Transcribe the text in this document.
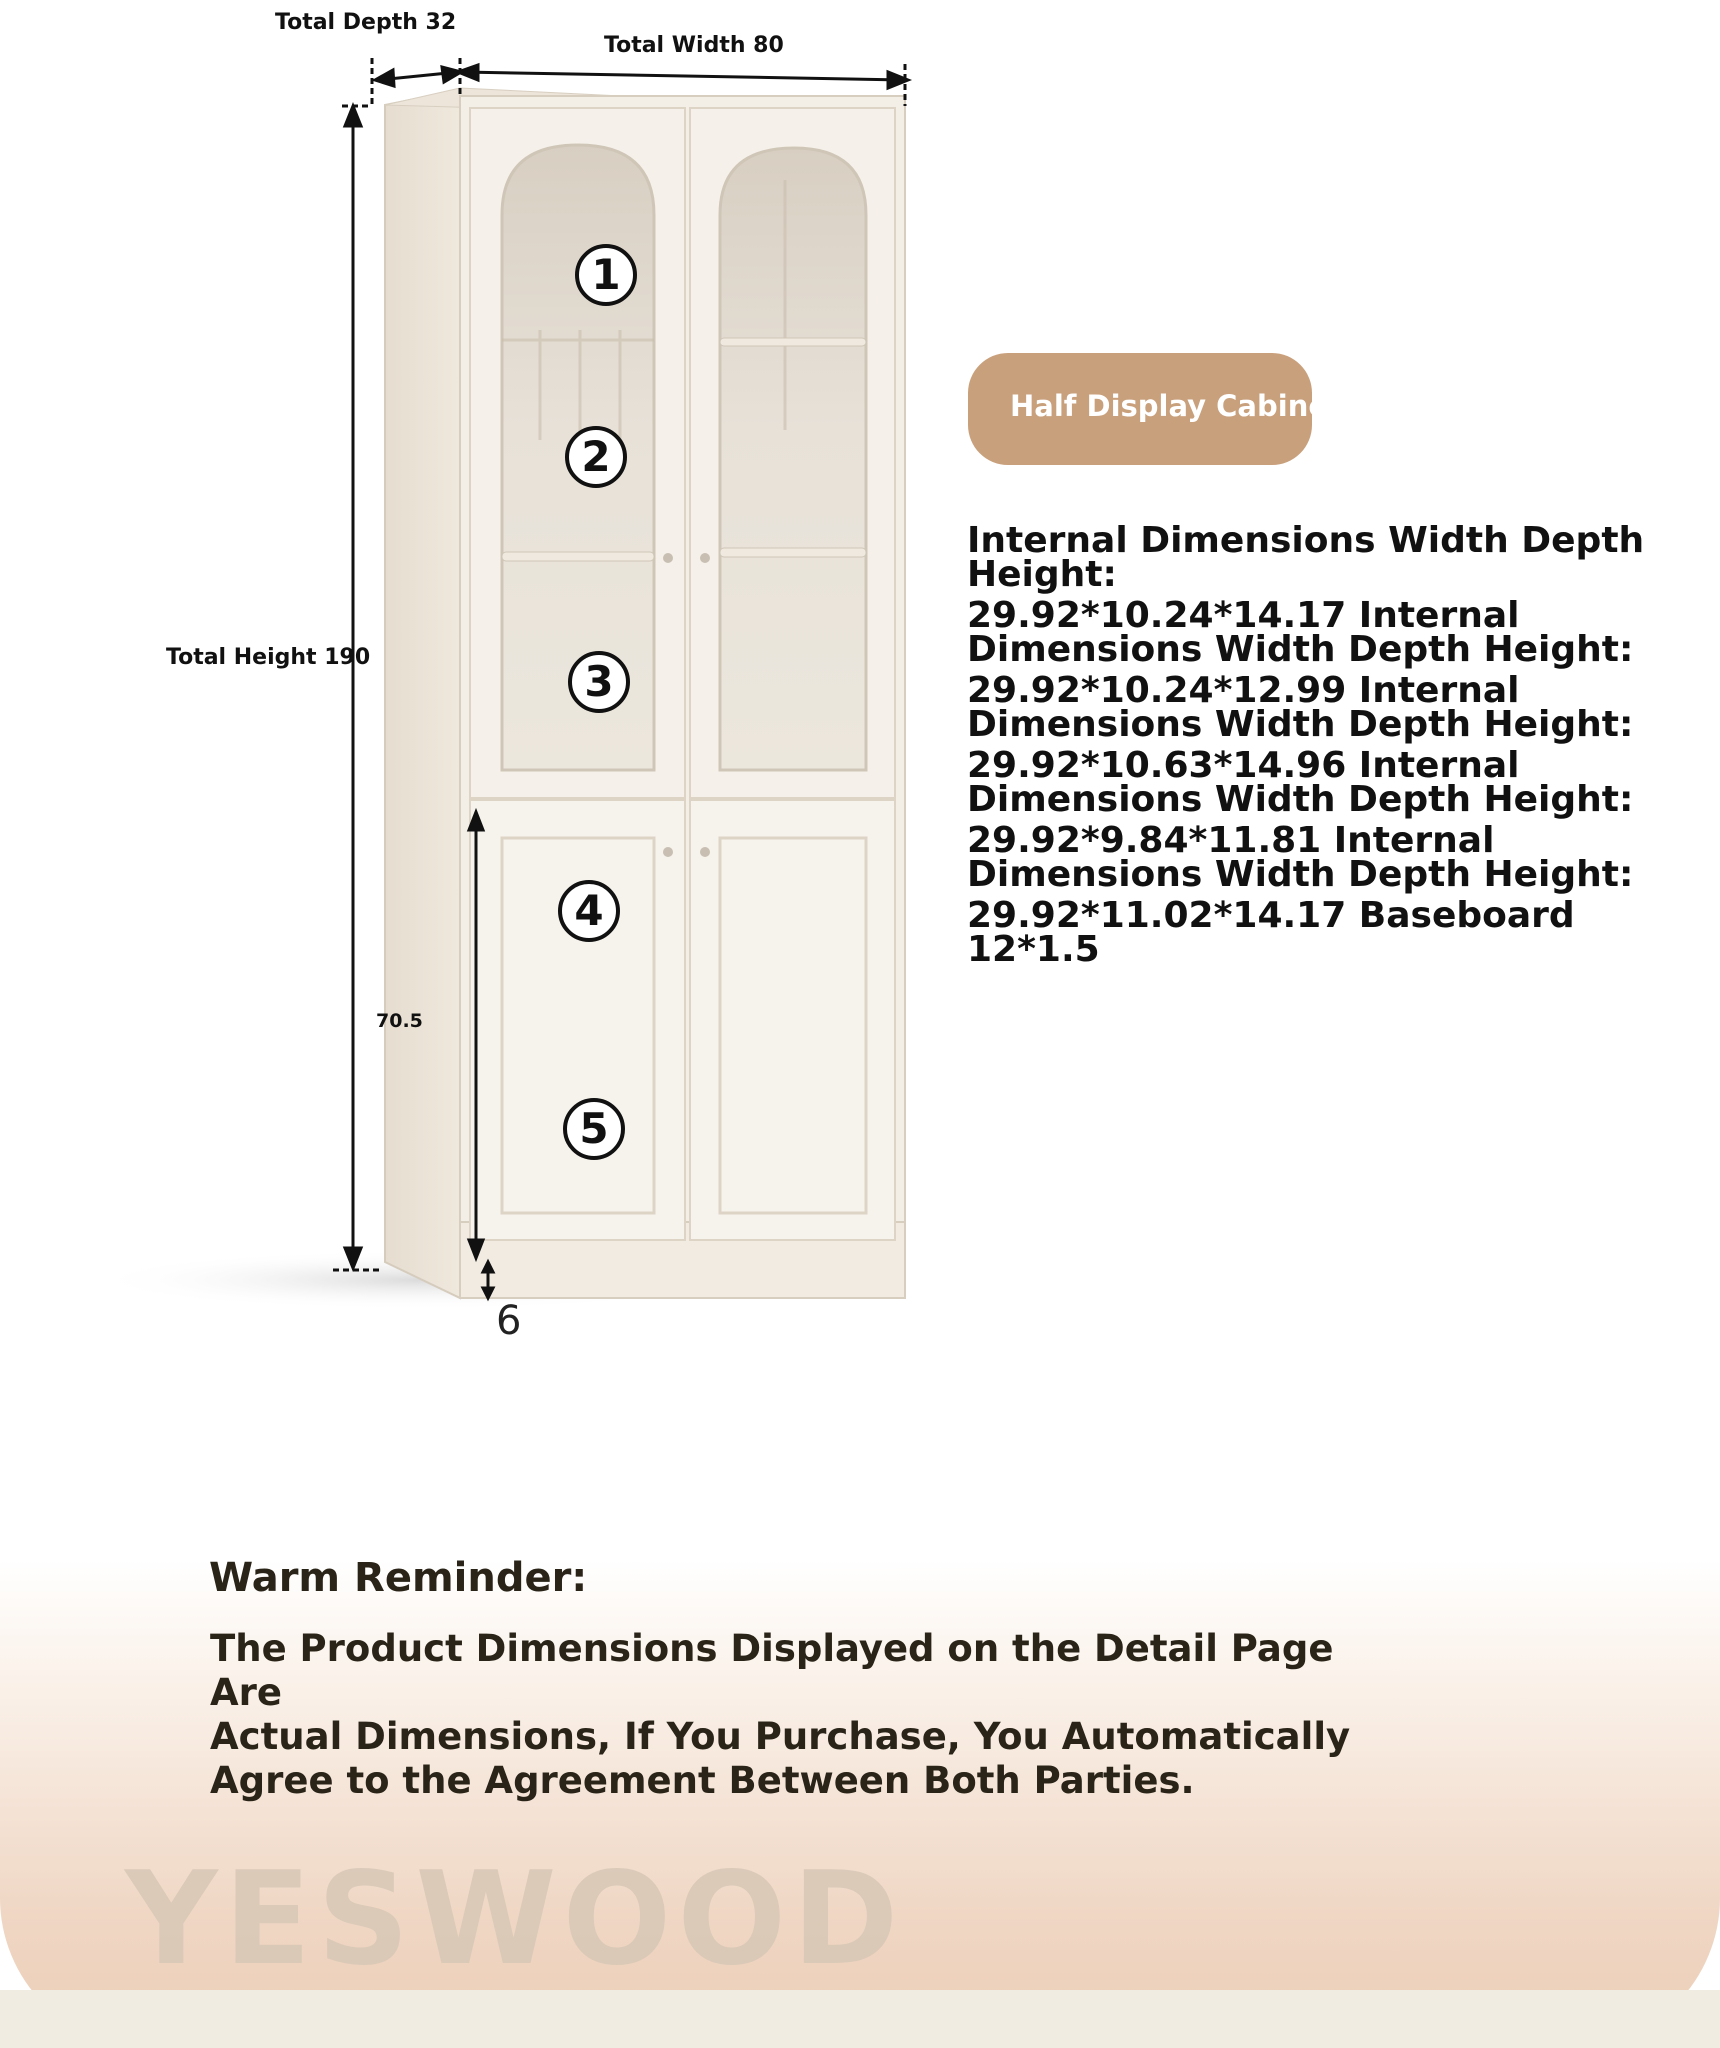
YESWOOD
1
2
3
4
5
Total Depth 32
Total Width 80
Total Height 190
70.5
6
Half Display Cabinet

Internal Dimensions Width Depth Height:

29.92*10.24*14.17 Internal Dimensions Width Depth Height:

29.92*10.24*12.99 Internal Dimensions Width Depth Height:

29.92*10.63*14.96 Internal Dimensions Width Depth Height:

29.92*9.84*11.81 Internal Dimensions Width Depth Height:

29.92*11.02*14.17 Baseboard 12*1.5

Warm Reminder:

The Product Dimensions Displayed on the Detail Page Are

Actual Dimensions, If You Purchase, You Automatically

Agree to the Agreement Between Both Parties.
